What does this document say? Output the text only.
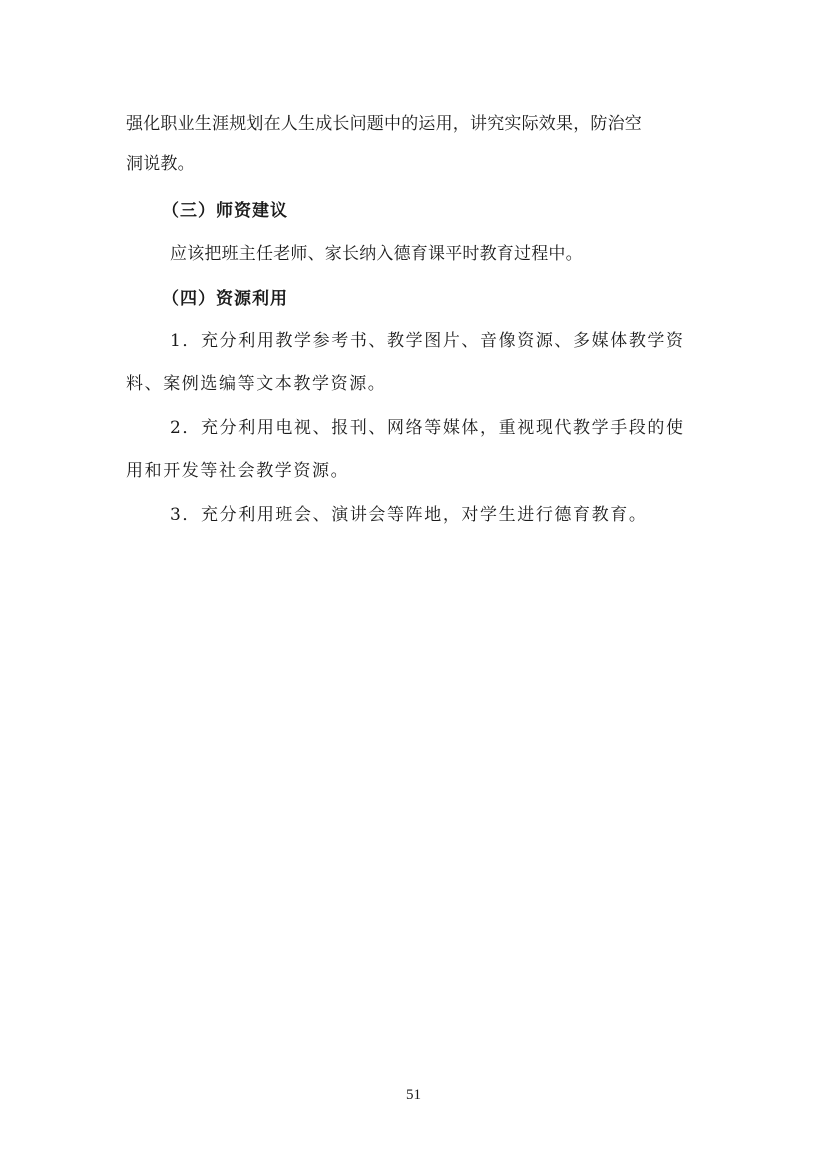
强化职业生涯规划在人生成长问题中的运用，讲究实际效果，防治空
洞说教。
（三）师资建议
应该把班主任老师、家长纳入德育课平时教育过程中。
（四）资源利用
1．充分利用教学参考书、教学图片、音像资源、多媒体教学资
料、案例选编等文本教学资源。
2．充分利用电视、报刊、网络等媒体，重视现代教学手段的使
用和开发等社会教学资源。
3．充分利用班会、演讲会等阵地，对学生进行德育教育。
51
